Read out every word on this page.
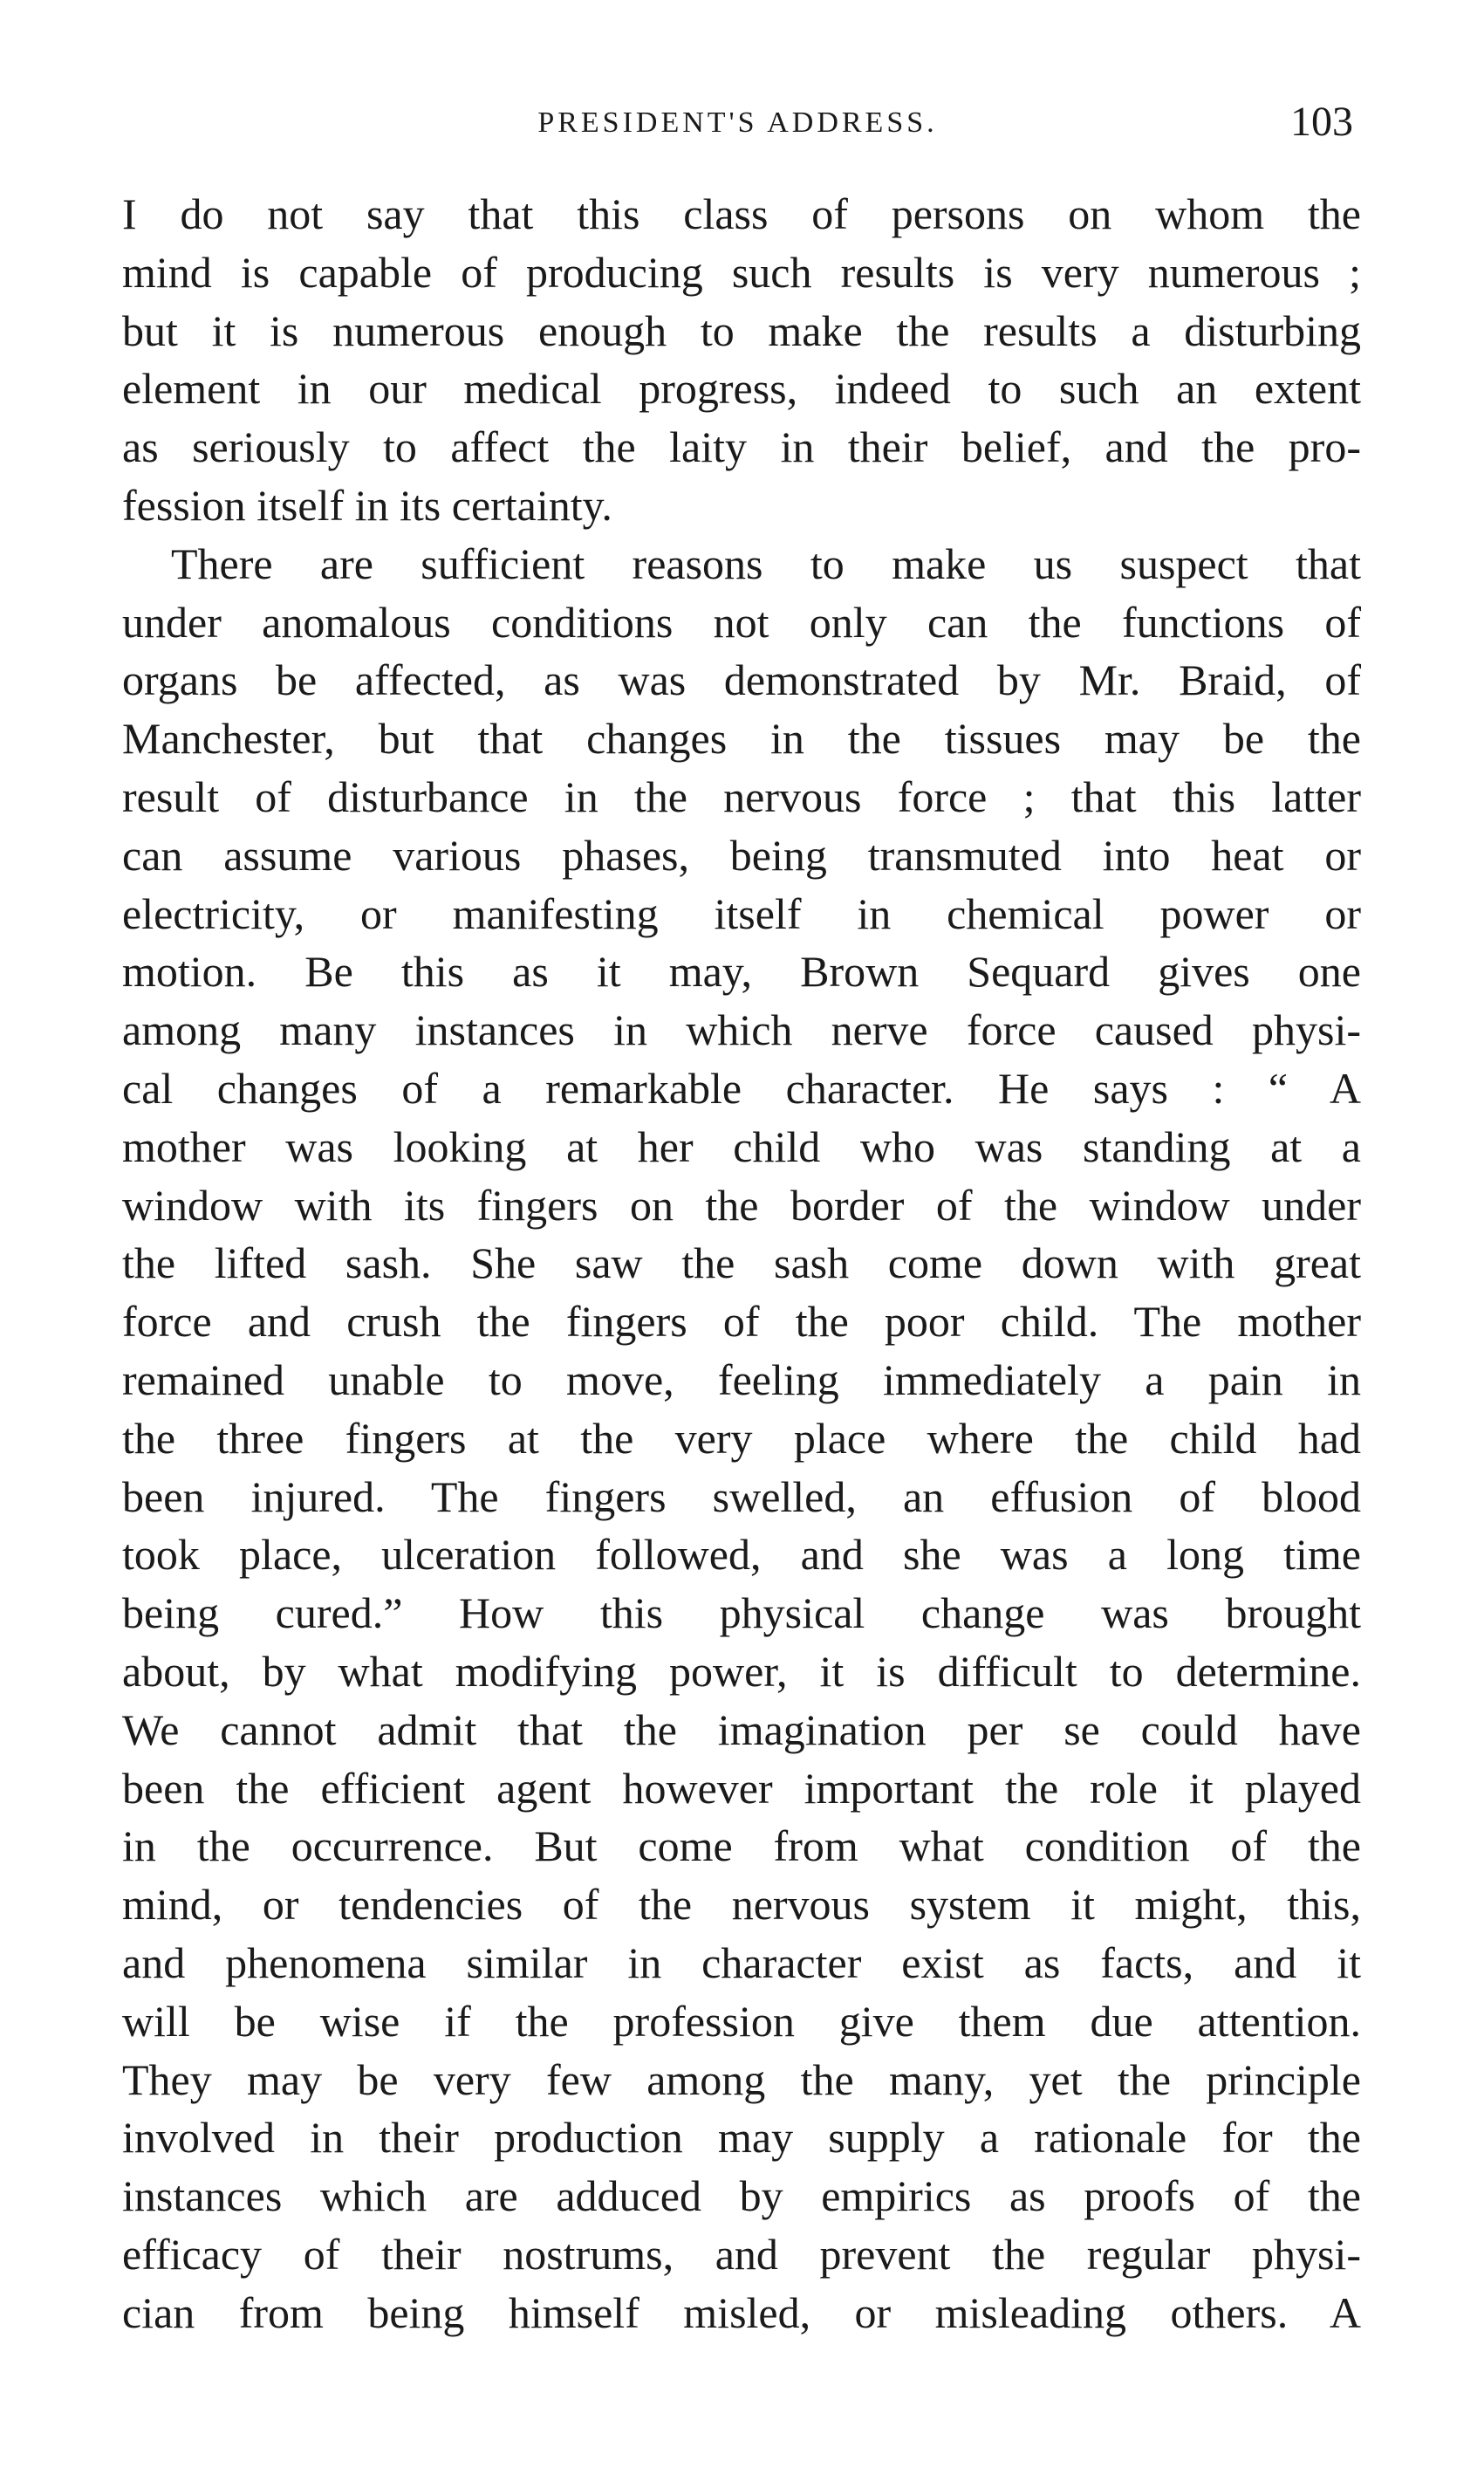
PRESIDENT'S ADDRESS.	103
I do not say that this class of persons on whom the
mind is capable of producing such results is very numerous ;
but it is numerous enough to make the results a disturbing
element in our medical progress, indeed to such an extent
as seriously to affect the laity in their belief, and the pro-
fession itself in its certainty.
There are sufficient reasons to make us suspect that
under anomalous conditions not only can the functions of
organs be affected, as was demonstrated by Mr. Braid, of
Manchester, but that changes in the tissues may be the
result of disturbance in the nervous force ; that this latter
can assume various phases, being transmuted into heat or
electricity, or manifesting itself in chemical power or
motion. Be this as it may, Brown Sequard gives one
among many instances in which nerve force caused physi-
cal changes of a remarkable character. He says : “ A
mother was looking at her child who was standing at a
window with its fingers on the border of the window under
the lifted sash. She saw the sash come down with great
force and crush the fingers of the poor child. The mother
remained unable to move, feeling immediately a pain in
the three fingers at the very place where the child had
been injured. The fingers swelled, an effusion of blood
took place, ulceration followed, and she was a long time
being cured.” How this physical change was brought
about, by what modifying power, it is difficult to determine.
We cannot admit that the imagination per se could have
been the efficient agent however important the role it played
in the occurrence. But come from what condition of the
mind, or tendencies of the nervous system it might, this,
and phenomena similar in character exist as facts, and it
will be wise if the profession give them due attention.
They may be very few among the many, yet the principle
involved in their production may supply a rationale for the
instances which are adduced by empirics as proofs of the
efficacy of their nostrums, and prevent the regular physi-
cian from being himself misled, or misleading others. A
